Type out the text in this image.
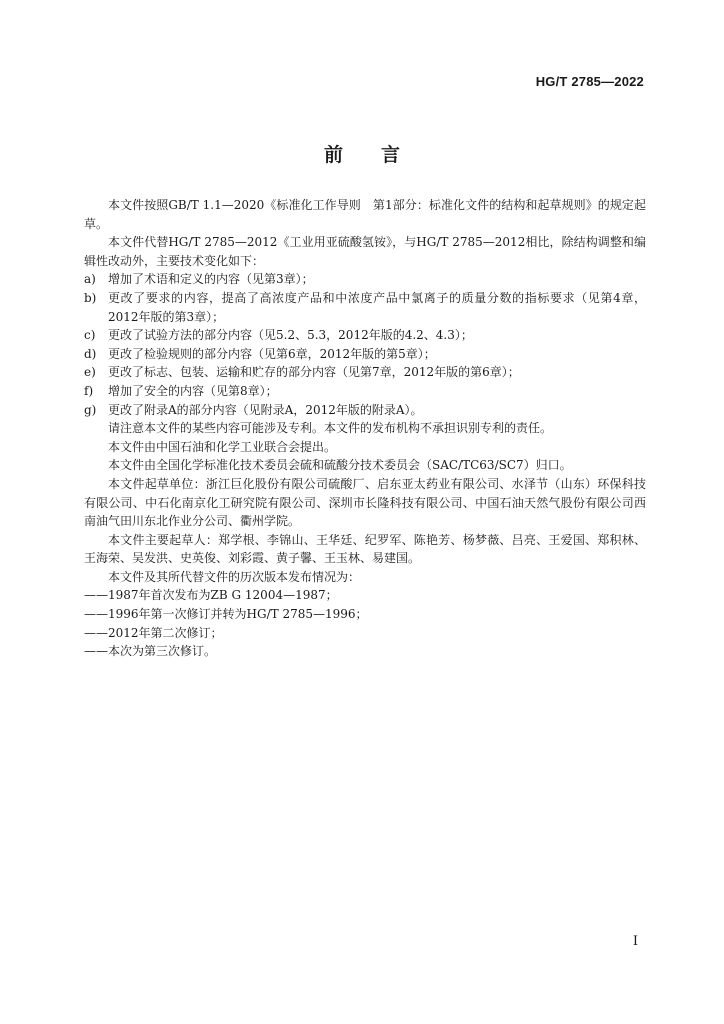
HG/T 2785—2022
前言

本文件按照GB/T 1.1—2020《标准化工作导则　第1部分：标准化文件的结构和起草规则》的规定起草。

本文件代替HG/T 2785—2012《工业用亚硫酸氢铵》，与HG/T 2785—2012相比，除结构调整和编辑性改动外，主要技术变化如下：

a)	增加了术语和定义的内容（见第3章）；
b) 更改了要求的内容，提高了高浓度产品和中浓度产品中氯离子的质量分数的指标要求（见第4章，2012年版的第3章）；
c)	更改了试验方法的部分内容（见5.2、5.3，2012年版的4.2、4.3）；
d) 更改了检验规则的部分内容（见第6章，2012年版的第5章）；
e)	更改了标志、包装、运输和贮存的部分内容（见第7章，2012年版的第6章）；
f)	增加了安全的内容（见第8章）；
g) 更改了附录A的部分内容（见附录A，2012年版的附录A）。

请注意本文件的某些内容可能涉及专利。本文件的发布机构不承担识别专利的责任。

本文件由中国石油和化学工业联合会提出。

本文件由全国化学标准化技术委员会硫和硫酸分技术委员会（SAC/TC63/SC7）归口。

本文件起草单位：浙江巨化股份有限公司硫酸厂、启东亚太药业有限公司、水泽节（山东）环保科技有限公司、中石化南京化工研究院有限公司、深圳市长隆科技有限公司、中国石油天然气股份有限公司西南油气田川东北作业分公司、衢州学院。

本文件主要起草人：郑学根、李锦山、王华廷、纪罗军、陈艳芳、杨梦薇、吕亮、王爱国、郑积林、王海荣、吴发洪、史英俊、刘彩霞、黄子馨、王玉林、易建国。

本文件及其所代替文件的历次版本发布情况为：

——1987年首次发布为ZB G 12004—1987；

——1996年第一次修订并转为HG/T 2785—1996；

——2012年第二次修订；

——本次为第三次修订。

I
